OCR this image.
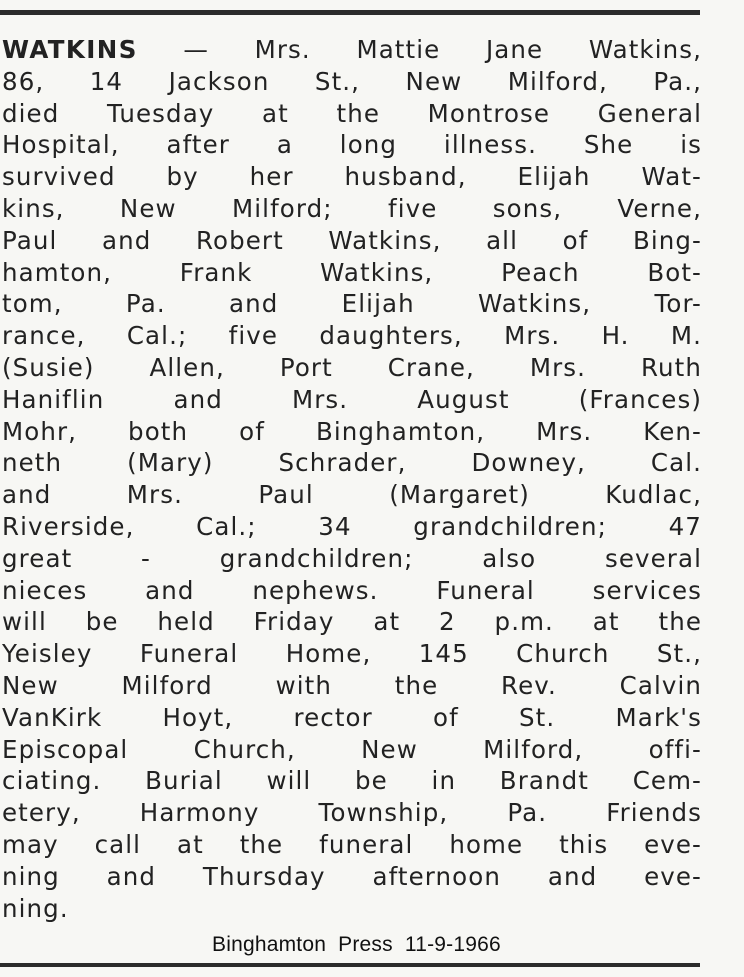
WATKINS — Mrs. Mattie Jane Watkins,
86, 14 Jackson St., New Milford, Pa.,
died Tuesday at the Montrose General
Hospital, after a long illness. She is
survived by her husband, Elijah Wat-
kins, New Milford; five sons, Verne,
Paul and Robert Watkins, all of Bing-
hamton, Frank Watkins, Peach Bot-
tom, Pa. and Elijah Watkins, Tor-
rance, Cal.; five daughters, Mrs. H. M.
(Susie) Allen, Port Crane, Mrs. Ruth
Haniflin and Mrs. August (Frances)
Mohr, both of Binghamton, Mrs. Ken-
neth (Mary) Schrader, Downey, Cal.
and Mrs. Paul (Margaret) Kudlac,
Riverside, Cal.; 34 grandchildren; 47
great - grandchildren; also several
nieces and nephews. Funeral services
will be held Friday at 2 p.m. at the
Yeisley Funeral Home, 145 Church St.,
New Milford with the Rev. Calvin
VanKirk Hoyt, rector of St. Mark's
Episcopal Church, New Milford, offi-
ciating. Burial will be in Brandt Cem-
etery, Harmony Township, Pa. Friends
may call at the funeral home this eve-
ning and Thursday afternoon and eve-
ning.
Binghamton  Press  11-9-1966
